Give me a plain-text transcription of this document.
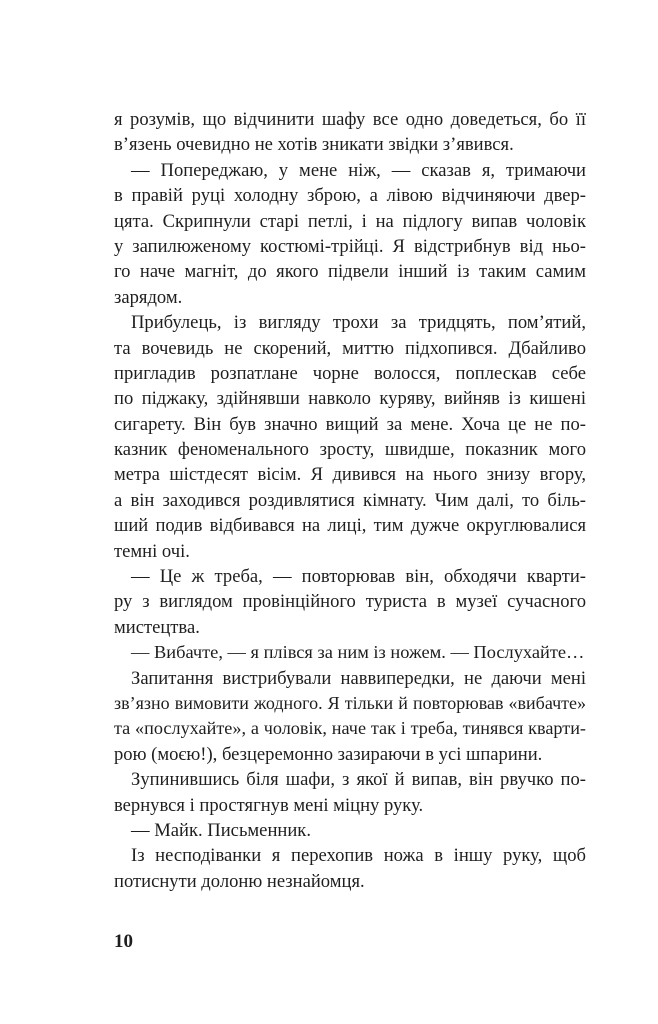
я розумів, що відчинити шафу все одно доведеться, бо її
в’язень очевидно не хотів зникати звідки з’явився.
— Попереджаю, у мене ніж, — сказав я, тримаючи
в правій руці холодну зброю, а лівою відчиняючи двер-
цята. Скрипнули старі петлі, і на підлогу випав чоловік
у запилюженому костюмі-трійці. Я відстрибнув від ньо-
го наче магніт, до якого підвели інший із таким самим
зарядом.
Прибулець, із вигляду трохи за тридцять, пом’ятий,
та вочевидь не скорений, миттю підхопився. Дбайливо
пригладив розпатлане чорне волосся, поплескав себе
по піджаку, здійнявши навколо куряву, вийняв із кишені
сигарету. Він був значно вищий за мене. Хоча це не по-
казник феноменального зросту, швидше, показник мого
метра шістдесят вісім. Я дивився на нього знизу вгору,
а він заходився роздивлятися кімнату. Чим далі, то біль-
ший подив відбивався на лиці, тим дужче округлювалися
темні очі.
— Це ж треба, — повторював він, обходячи кварти-
ру з виглядом провінційного туриста в музеї сучасного
мистецтва.
— Вибачте, — я плівся за ним із ножем. — Послухайте…
Запитання вистрибували наввипередки, не даючи мені
зв’язно вимовити жодного. Я тільки й повторював «вибачте»
та «послухайте», а чоловік, наче так і треба, тинявся кварти-
рою (моєю!), безцеремонно зазираючи в усі шпарини.
Зупинившись біля шафи, з якої й випав, він рвучко по-
вернувся і простягнув мені міцну руку.
— Майк. Письменник.
Із несподіванки я перехопив ножа в іншу руку, щоб
потиснути долоню незнайомця.
10
